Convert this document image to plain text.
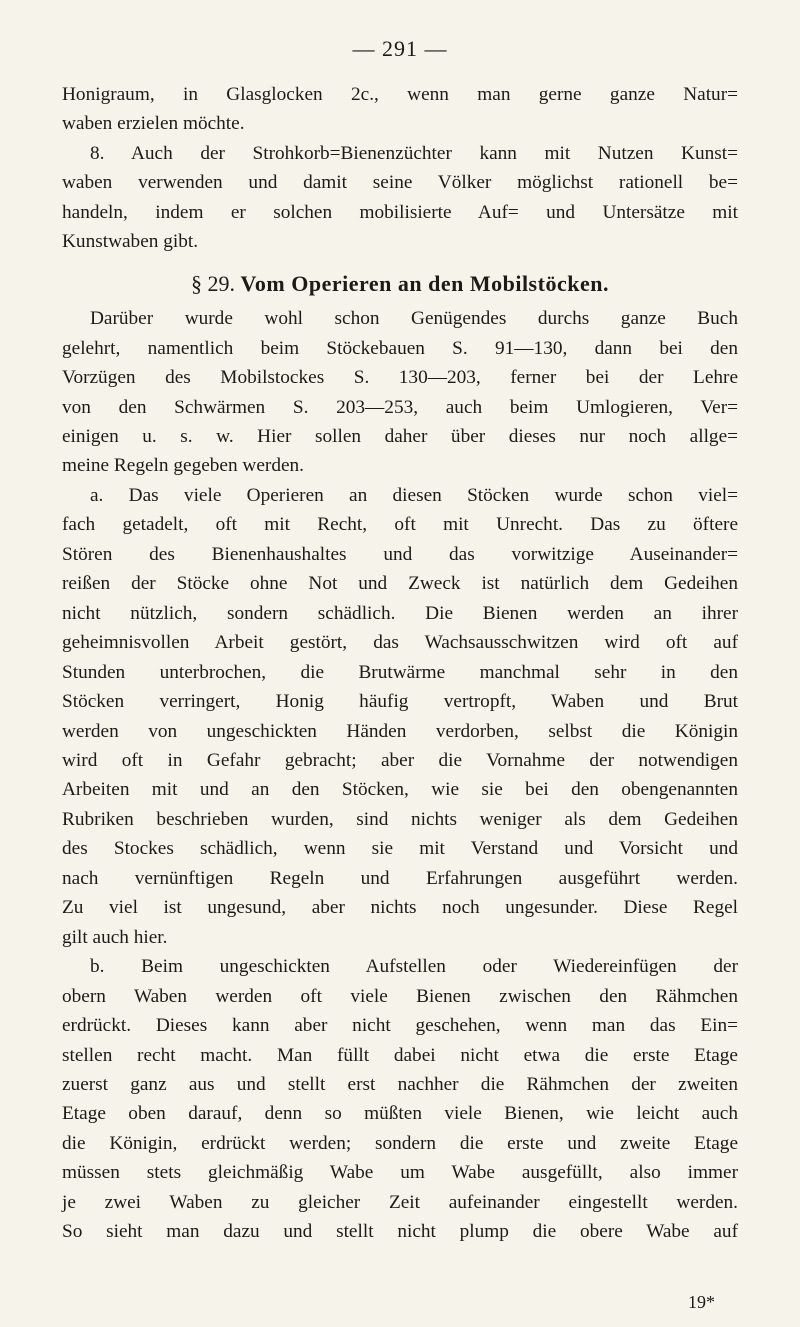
— 291 —
Honigraum, in Glasglocken 2c., wenn man gerne ganze Natur=
waben erzielen möchte.
8. Auch der Strohkorb=Bienenzüchter kann mit Nutzen Kunst=
waben verwenden und damit seine Völker möglichst rationell be=
handeln, indem er solchen mobilisierte Auf= und Untersätze mit
Kunstwaben gibt.
§ 29. Vom Operieren an den Mobilstöcken.
Darüber wurde wohl schon Genügendes durchs ganze Buch
gelehrt, namentlich beim Stöckebauen S. 91—130, dann bei den
Vorzügen des Mobilstockes S. 130—203, ferner bei der Lehre
von den Schwärmen S. 203—253, auch beim Umlogieren, Ver=
einigen u. s. w. Hier sollen daher über dieses nur noch allge=
meine Regeln gegeben werden.
a. Das viele Operieren an diesen Stöcken wurde schon viel=
fach getadelt, oft mit Recht, oft mit Unrecht. Das zu öftere
Stören des Bienenhaushaltes und das vorwitzige Auseinander=
reißen der Stöcke ohne Not und Zweck ist natürlich dem Gedeihen
nicht nützlich, sondern schädlich. Die Bienen werden an ihrer
geheimnisvollen Arbeit gestört, das Wachsausschwitzen wird oft auf
Stunden unterbrochen, die Brutwärme manchmal sehr in den
Stöcken verringert, Honig häufig vertropft, Waben und Brut
werden von ungeschickten Händen verdorben, selbst die Königin
wird oft in Gefahr gebracht; aber die Vornahme der notwendigen
Arbeiten mit und an den Stöcken, wie sie bei den obengenannten
Rubriken beschrieben wurden, sind nichts weniger als dem Gedeihen
des Stockes schädlich, wenn sie mit Verstand und Vorsicht und
nach vernünftigen Regeln und Erfahrungen ausgeführt werden.
Zu viel ist ungesund, aber nichts noch ungesunder. Diese Regel
gilt auch hier.
b. Beim ungeschickten Aufstellen oder Wiedereinfügen der
obern Waben werden oft viele Bienen zwischen den Rähmchen
erdrückt. Dieses kann aber nicht geschehen, wenn man das Ein=
stellen recht macht. Man füllt dabei nicht etwa die erste Etage
zuerst ganz aus und stellt erst nachher die Rähmchen der zweiten
Etage oben darauf, denn so müßten viele Bienen, wie leicht auch
die Königin, erdrückt werden; sondern die erste und zweite Etage
müssen stets gleichmäßig Wabe um Wabe ausgefüllt, also immer
je zwei Waben zu gleicher Zeit aufeinander eingestellt werden.
So sieht man dazu und stellt nicht plump die obere Wabe auf
19*
